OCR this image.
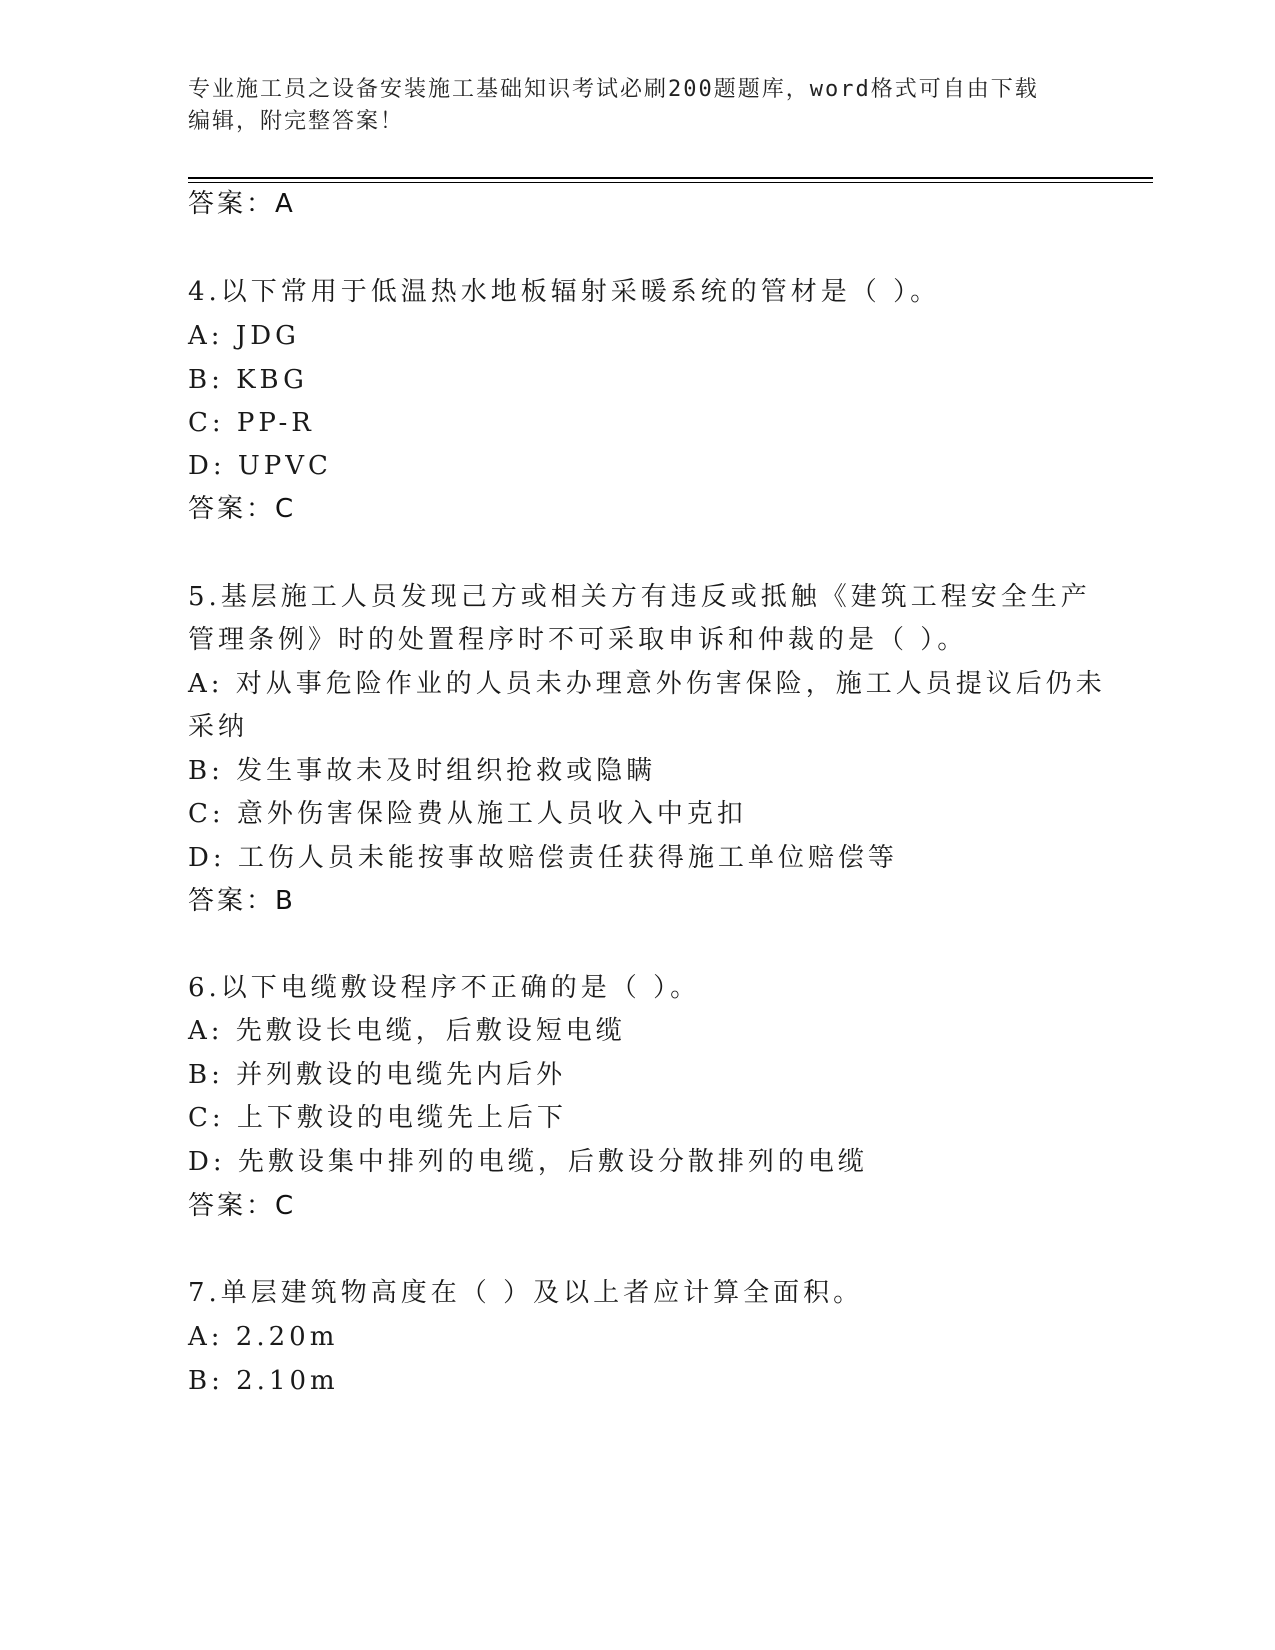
专业施工员之设备安装施工基础知识考试必刷200题题库，word格式可自由下载
编辑，附完整答案！
答案：A
4.以下常用于低温热水地板辐射采暖系统的管材是（ ）。
A: JDG
B: KBG
C: PP-R
D: UPVC
答案：C
5.基层施工人员发现己方或相关方有违反或抵触《建筑工程安全生产
管理条例》时的处置程序时不可采取申诉和仲裁的是（ ）。
A: 对从事危险作业的人员未办理意外伤害保险，施工人员提议后仍未
采纳
B: 发生事故未及时组织抢救或隐瞒
C: 意外伤害保险费从施工人员收入中克扣
D: 工伤人员未能按事故赔偿责任获得施工单位赔偿等
答案：B
6.以下电缆敷设程序不正确的是（ ）。
A: 先敷设长电缆，后敷设短电缆
B: 并列敷设的电缆先内后外
C: 上下敷设的电缆先上后下
D: 先敷设集中排列的电缆，后敷设分散排列的电缆
答案：C
7.单层建筑物高度在（ ）及以上者应计算全面积。
A: 2.20m
B: 2.10m
